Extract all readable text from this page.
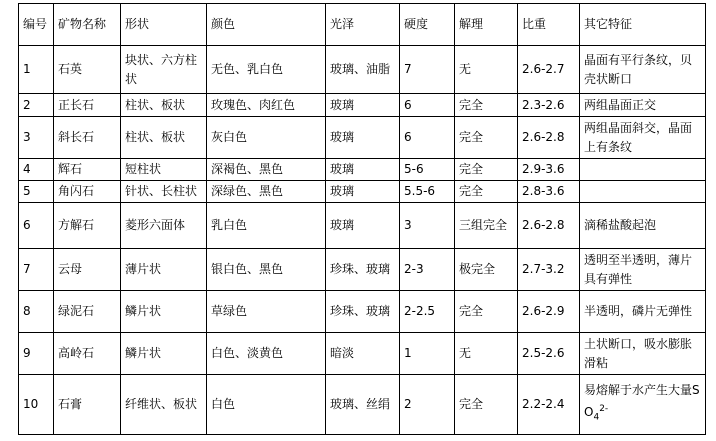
编号	矿物名称	形状	颜色	光泽	硬度	解理	比重	其它特征
1	石英	块状、六方柱状	无色、乳白色	玻璃、油脂	7	无	2.6-2.7	晶面有平行条纹，贝壳状断口
2	正长石	柱状、板状	玫瑰色、肉红色	玻璃	6	完全	2.3-2.6	两组晶面正交
3	斜长石	柱状、板状	灰白色	玻璃	6	完全	2.6-2.8	两组晶面斜交，晶面上有条纹
4	辉石	短柱状	深褐色、黑色	玻璃	5-6	完全	2.9-3.6	
5	角闪石	针状、长柱状	深绿色、黑色	玻璃	5.5-6	完全	2.8-3.6	
6	方解石	菱形六面体	乳白色	玻璃	3	三组完全	2.6-2.8	滴稀盐酸起泡
7	云母	薄片状	银白色、黑色	珍珠、玻璃	2-3	极完全	2.7-3.2	透明至半透明，薄片具有弹性
8	绿泥石	鳞片状	草绿色	珍珠、玻璃	2-2.5	完全	2.6-2.9	半透明，磷片无弹性
9	高岭石	鳞片状	白色、淡黄色	暗淡	1	无	2.5-2.6	土状断口，吸水膨胀滑粘
10	石膏	纤维状、板状	白色	玻璃、丝绢	2	完全	2.2-2.4	易熔解于水产生大量$SO_4^{2-}$
